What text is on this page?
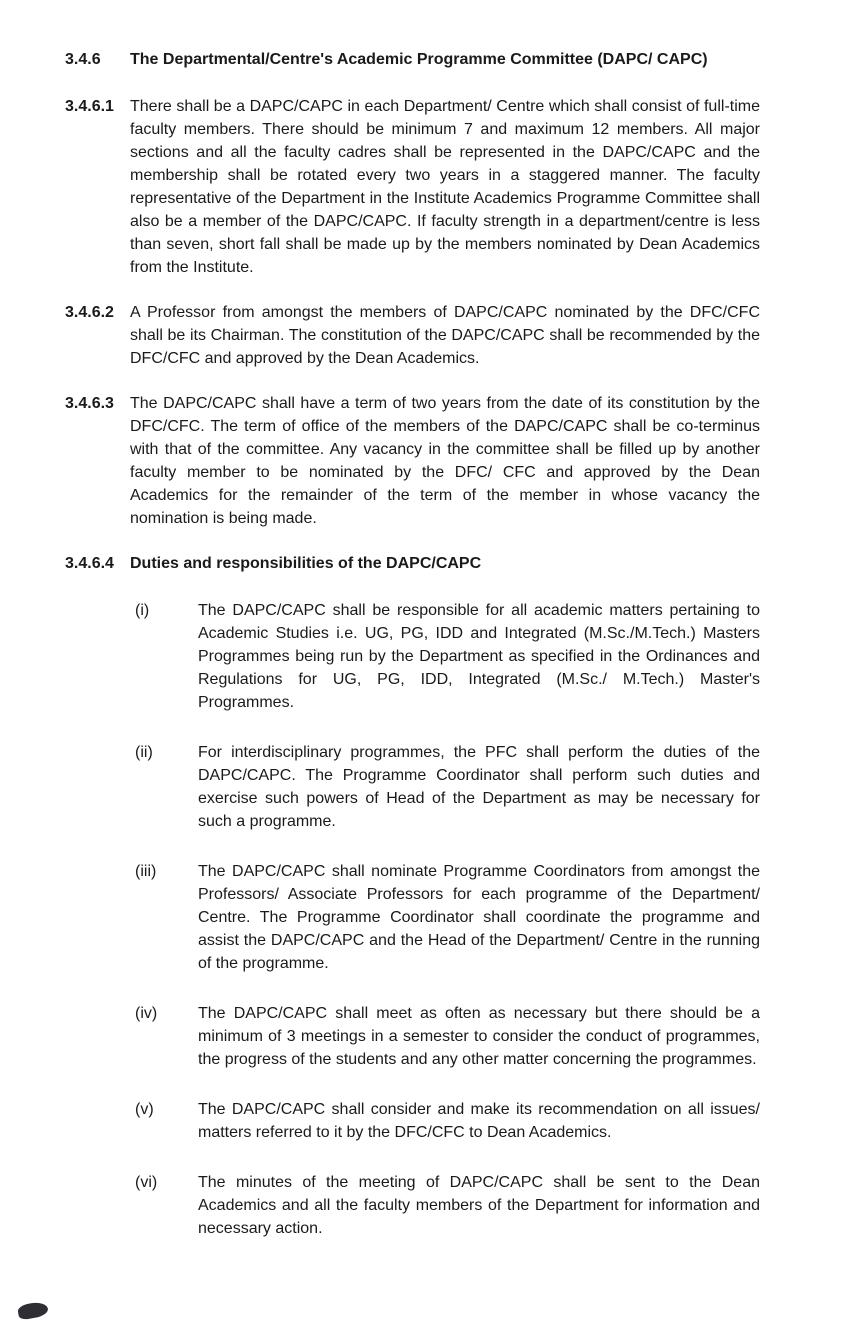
3.4.6	The Departmental/Centre's Academic Programme Committee (DAPC/ CAPC)
3.4.6.1	There shall be a DAPC/CAPC in each Department/ Centre which shall consist of full-time faculty members. There should be minimum 7 and maximum 12 members. All major sections and all the faculty cadres shall be represented in the DAPC/CAPC and the membership shall be rotated every two years in a staggered manner. The faculty representative of the Department in the Institute Academics Programme Committee shall also be a member of the DAPC/CAPC. If faculty strength in a department/centre is less than seven, short fall shall be made up by the members nominated by Dean Academics from the Institute.
3.4.6.2	A Professor from amongst the members of DAPC/CAPC nominated by the DFC/CFC shall be its Chairman. The constitution of the DAPC/CAPC shall be recommended by the DFC/CFC and approved by the Dean Academics.
3.4.6.3	The DAPC/CAPC shall have a term of two years from the date of its constitution by the DFC/CFC. The term of office of the members of the DAPC/CAPC shall be co-terminus with that of the committee. Any vacancy in the committee shall be filled up by another faculty member to be nominated by the DFC/ CFC and approved by the Dean Academics for the remainder of the term of the member in whose vacancy the nomination is being made.
3.4.6.4	Duties and responsibilities of the DAPC/CAPC
(i)	The DAPC/CAPC shall be responsible for all academic matters pertaining to Academic Studies i.e. UG, PG, IDD and Integrated (M.Sc./M.Tech.) Masters Programmes being run by the Department as specified in the Ordinances and Regulations for UG, PG, IDD, Integrated (M.Sc./ M.Tech.) Master's Programmes.
(ii)	For interdisciplinary programmes, the PFC shall perform the duties of the DAPC/CAPC. The Programme Coordinator shall perform such duties and exercise such powers of Head of the Department as may be necessary for such a programme.
(iii)	The DAPC/CAPC shall nominate Programme Coordinators from amongst the Professors/ Associate Professors for each programme of the Department/ Centre. The Programme Coordinator shall coordinate the programme and assist the DAPC/CAPC and the Head of the Department/ Centre in the running of the programme.
(iv)	The DAPC/CAPC shall meet as often as necessary but there should be a minimum of 3 meetings in a semester to consider the conduct of programmes, the progress of the students and any other matter concerning the programmes.
(v)	The DAPC/CAPC shall consider and make its recommendation on all issues/ matters referred to it by the DFC/CFC to Dean Academics.
(vi)	The minutes of the meeting of DAPC/CAPC shall be sent to the Dean Academics and all the faculty members of the Department for information and necessary action.
